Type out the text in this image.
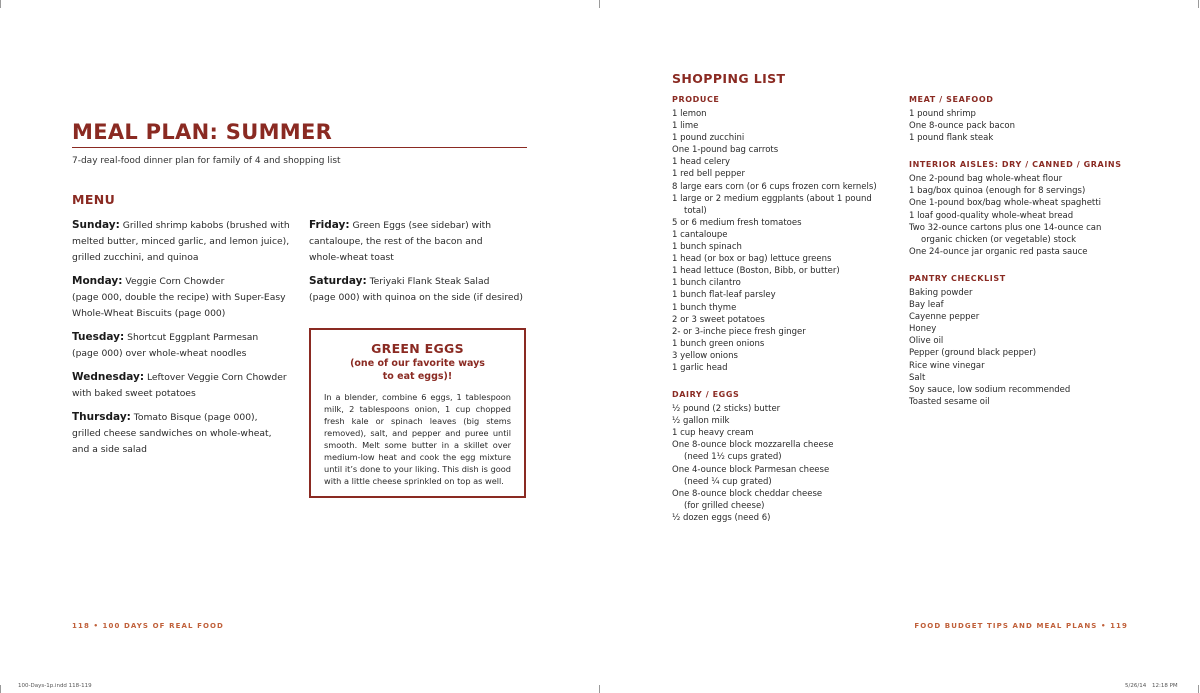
MEAL PLAN: SUMMER
7-day real-food dinner plan for family of 4 and shopping list
MENU
Sunday: Grilled shrimp kabobs (brushed with
melted butter, minced garlic, and lemon juice),
grilled zucchini, and quinoa
Monday: Veggie Corn Chowder
(page 000, double the recipe) with Super-Easy
Whole-Wheat Biscuits (page 000)
Tuesday: Shortcut Eggplant Parmesan
(page 000) over whole-wheat noodles
Wednesday: Leftover Veggie Corn Chowder
with baked sweet potatoes
Thursday: Tomato Bisque (page 000),
grilled cheese sandwiches on whole-wheat,
and a side salad
Friday: Green Eggs (see sidebar) with
cantaloupe, the rest of the bacon and
whole-wheat toast
Saturday: Teriyaki Flank Steak Salad
(page 000) with quinoa on the side (if desired)
GREEN EGGS
(one of our favorite ways
to eat eggs)!
In a blender, combine 6 eggs, 1 tablespoon milk, 2 tablespoons onion, 1 cup chopped fresh kale or spinach leaves (big stems removed), salt, and pepper and puree until smooth. Melt some butter in a skillet over medium-low heat and cook the egg mixture until it’s done to your liking. This dish is good with a little cheese sprinkled on top as well.
118 • 100 DAYS OF REAL FOOD
100-Days-1p.indd 118-119
SHOPPING LIST
PRODUCE
1 lemon
1 lime
1 pound zucchini
One 1-pound bag carrots
1 head celery
1 red bell pepper
8 large ears corn (or 6 cups frozen corn kernels)
1 large or 2 medium eggplants (about 1 pound
total)
5 or 6 medium fresh tomatoes
1 cantaloupe
1 bunch spinach
1 head (or box or bag) lettuce greens
1 head lettuce (Boston, Bibb, or butter)
1 bunch cilantro
1 bunch flat-leaf parsley
1 bunch thyme
2 or 3 sweet potatoes
2- or 3-inche piece fresh ginger
1 bunch green onions
3 yellow onions
1 garlic head
DAIRY / EGGS
½ pound (2 sticks) butter
½ gallon milk
1 cup heavy cream
One 8-ounce block mozzarella cheese
(need 1½ cups grated)
One 4-ounce block Parmesan cheese
(need ¼ cup grated)
One 8-ounce block cheddar cheese
(for grilled cheese)
½ dozen eggs (need 6)
MEAT / SEAFOOD
1 pound shrimp
One 8-ounce pack bacon
1 pound flank steak
INTERIOR AISLES: DRY / CANNED / GRAINS
One 2-pound bag whole-wheat flour
1 bag/box quinoa (enough for 8 servings)
One 1-pound box/bag whole-wheat spaghetti
1 loaf good-quality whole-wheat bread
Two 32-ounce cartons plus one 14-ounce can
organic chicken (or vegetable) stock
One 24-ounce jar organic red pasta sauce
PANTRY CHECKLIST
Baking powder
Bay leaf
Cayenne pepper
Honey
Olive oil
Pepper (ground black pepper)
Rice wine vinegar
Salt
Soy sauce, low sodium recommended
Toasted sesame oil
FOOD BUDGET TIPS AND MEAL PLANS • 119
5/26/14 12:18 PM
